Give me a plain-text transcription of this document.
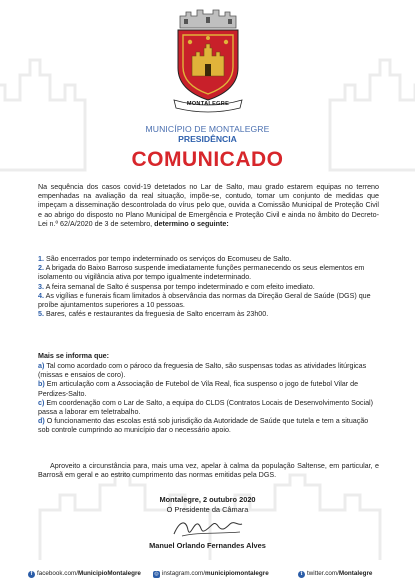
MONTALEGRE
MUNICÍPIO DE MONTALEGRE
PRESIDÊNCIA
COMUNICADO
Na sequência dos casos covid-19 detetados no Lar de Salto, mau grado estarem equipas no terreno empenhadas na avaliação da real situação, impõe-se, contudo, tomar um conjunto de medidas que impeçam a disseminação descontrolada do vírus pelo que, ouvida a Comissão Municipal de Proteção Civil e ao abrigo do disposto no Plano Municipal de Emergência e Proteção Civil e ainda no âmbito do Decreto-Lei n.º 62/A/2020 de 3 de setembro, determino o seguinte:

1. São encerrados por tempo indeterminado os serviços do Ecomuseu de Salto.

2. A brigada do Baixo Barroso suspende imediatamente funções permanecendo os seus elementos em isolamento ou vigilância ativa por tempo igualmente indeterminado.

3. A feira semanal de Salto é suspensa por tempo indeterminado e com efeito imediato.

4. As vigílias e funerais ficam limitados à observância das normas da Direção Geral de Saúde (DGS) que proíbe ajuntamentos superiores a 10 pessoas.

5. Bares, cafés e restaurantes da freguesia de Salto encerram às 23h00.

Mais se informa que:

a) Tal como acordado com o pároco da freguesia de Salto, são suspensas todas as atividades litúrgicas (missas e ensaios de coro).

b) Em articulação com a Associação de Futebol de Vila Real, fica suspenso o jogo de futebol Vilar de Perdizes-Salto.

c) Em coordenação com o Lar de Salto, a equipa do CLDS (Contratos Locais de Desenvolvimento Social) passa a laborar em teletrabalho.

d) O funcionamento das escolas está sob jurisdição da Autoridade de Saúde que tutela e tem a situação sob controle cumprindo ao município dar o necessário apoio.

Aproveito a circunstância para, mais uma vez, apelar à calma da população Saltense, em particular, e Barrosã em geral e ao estrito cumprimento das normas emitidas pela DGS.
Montalegre, 2 outubro 2020
O Presidente da Câmara
Manuel Orlando Fernandes Alves
f facebook.com/ MunicipioMontalegre	◎ instagram.com/ municipiomontalegre	t twitter.com/ Montalegre
